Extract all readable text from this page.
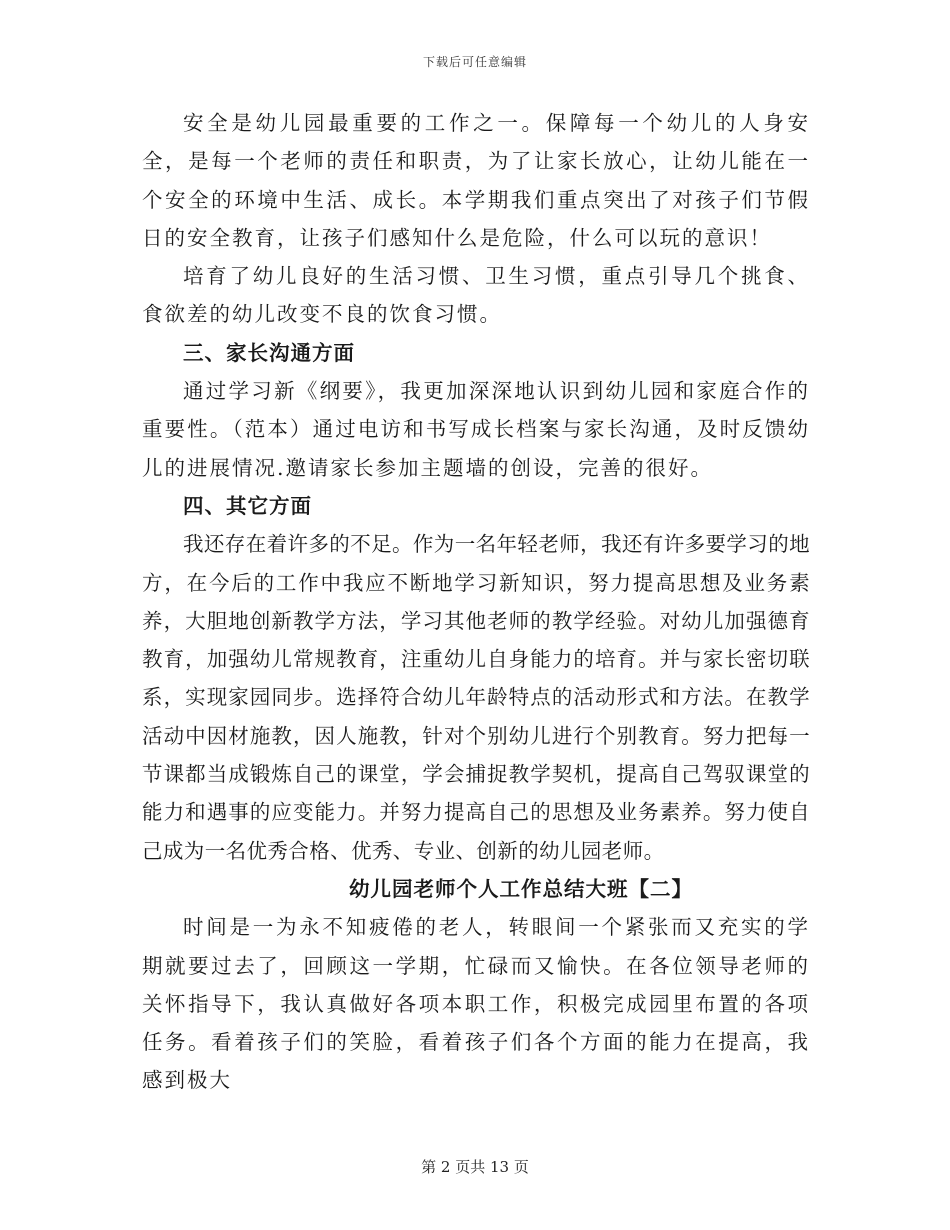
下载后可任意编辑

安全是幼儿园最重要的工作之一。保障每一个幼儿的人身安全，是每一个老师的责任和职责，为了让家长放心，让幼儿能在一个安全的环境中生活、成长。本学期我们重点突出了对孩子们节假日的安全教育，让孩子们感知什么是危险，什么可以玩的意识！

培育了幼儿良好的生活习惯、卫生习惯，重点引导几个挑食、食欲差的幼儿改变不良的饮食习惯。

三、家长沟通方面

通过学习新《纲要》，我更加深深地认识到幼儿园和家庭合作的重要性。（范本）通过电访和书写成长档案与家长沟通，及时反馈幼儿的进展情况.邀请家长参加主题墙的创设，完善的很好。

四、其它方面

我还存在着许多的不足。作为一名年轻老师，我还有许多要学习的地方，在今后的工作中我应不断地学习新知识，努力提高思想及业务素养，大胆地创新教学方法，学习其他老师的教学经验。对幼儿加强德育教育，加强幼儿常规教育，注重幼儿自身能力的培育。并与家长密切联系，实现家园同步。选择符合幼儿年龄特点的活动形式和方法。在教学活动中因材施教，因人施教，针对个别幼儿进行个别教育。努力把每一节课都当成锻炼自己的课堂，学会捕捉教学契机，提高自己驾驭课堂的能力和遇事的应变能力。并努力提高自己的思想及业务素养。努力使自己成为一名优秀合格、优秀、专业、创新的幼儿园老师。

幼儿园老师个人工作总结大班【二】

时间是一为永不知疲倦的老人，转眼间一个紧张而又充实的学期就要过去了，回顾这一学期，忙碌而又愉快。在各位领导老师的关怀指导下，我认真做好各项本职工作，积极完成园里布置的各项任务。看着孩子们的笑脸，看着孩子们各个方面的能力在提高，我感到极大

第 2 页共 13 页
